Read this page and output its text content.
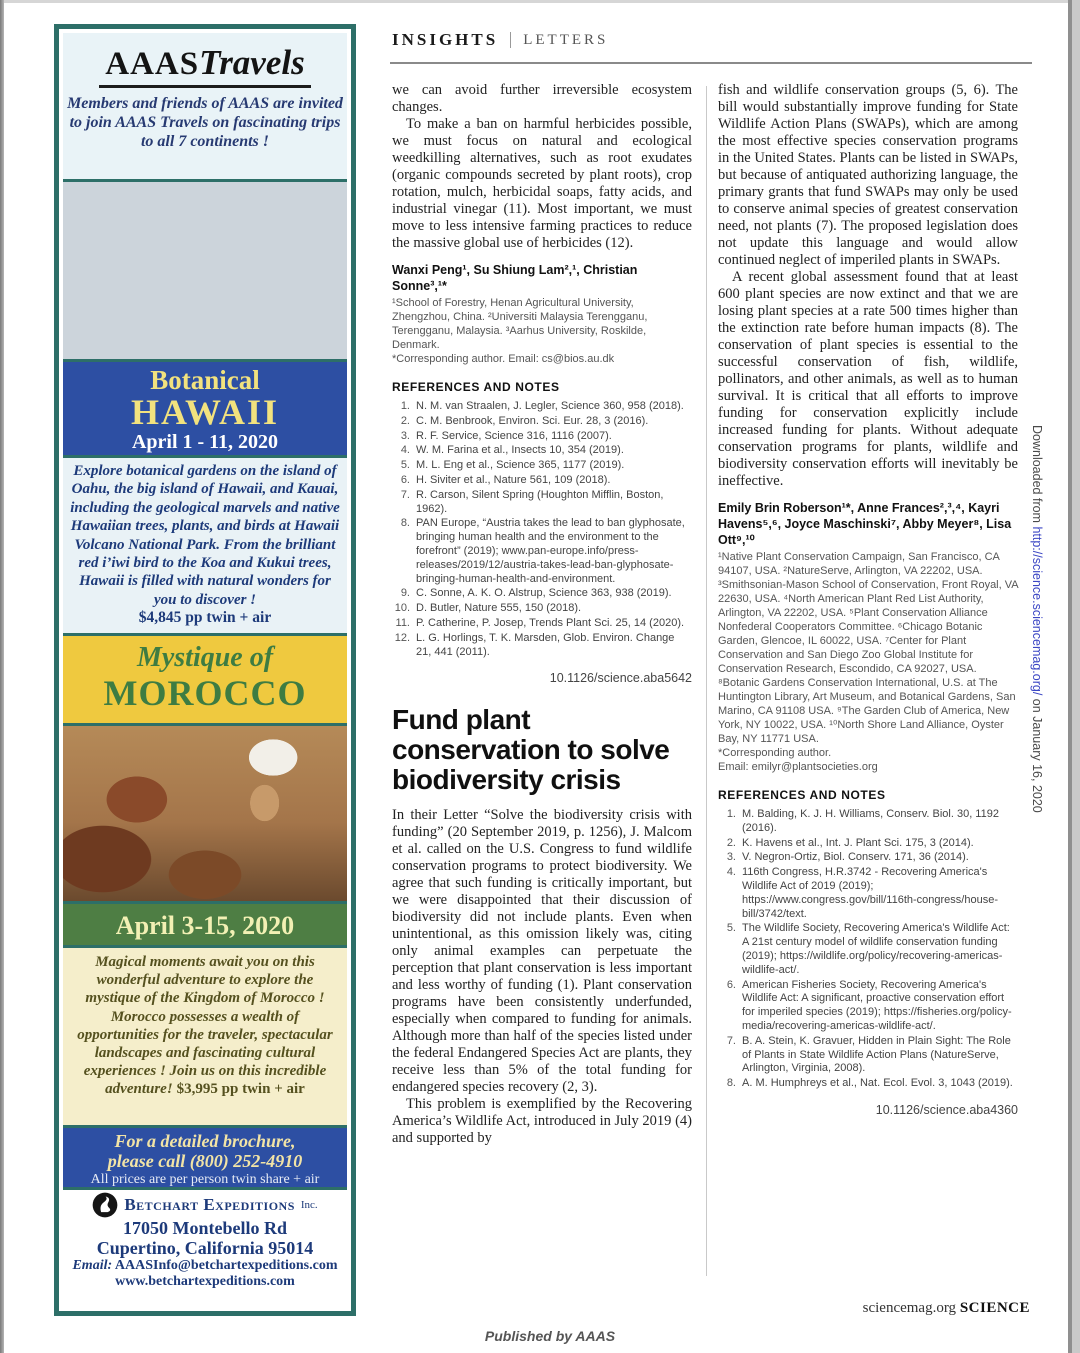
AAASTravels
Members and friends of AAAS are invited to join AAAS Travels on fascinating trips to all 7 continents !
Botanical
HAWAII
April 1 - 11, 2020
Explore botanical gardens on the island of Oahu, the big island of Hawaii, and Kauai, including the geological marvels and native Hawaiian trees, plants, and birds at Hawaii Volcano National Park. From the brilliant red i’iwi bird to the Koa and Kukui trees, Hawaii is filled with natural wonders for you to discover !
$4,845 pp twin + air
Mystique of
MOROCCO
April 3-15, 2020
Magical moments await you on this wonderful adventure to explore the mystique of the Kingdom of Morocco ! Morocco possesses a wealth of opportunities for the traveler, spectacular landscapes and fascinating cultural experiences ! Join us on this incredible adventure! $3,995 pp twin + air
For a detailed brochure,
please call (800) 252-4910
All prices are per person twin share + air
Betchart Expeditions Inc.
17050 Montebello Rd
Cupertino, California 95014
Email: AAASInfo@betchartexpeditions.com
www.betchartexpeditions.com
INSIGHTS LETTERS

we can avoid further irreversible ecosystem changes.

To make a ban on harmful herbicides possible, we must focus on natural and ecological weedkilling alternatives, such as root exudates (organic compounds secreted by plant roots), crop rotation, mulch, herbicidal soaps, fatty acids, and industrial vinegar (11). Most important, we must move to less intensive farming practices to reduce the massive global use of herbicides (12).

Wanxi Peng¹, Su Shiung Lam²,¹, Christian Sonne³,¹*
¹School of Forestry, Henan Agricultural University, Zhengzhou, China. ²Universiti Malaysia Terengganu, Terengganu, Malaysia. ³Aarhus University, Roskilde, Denmark.
*Corresponding author. Email: cs@bios.au.dk
REFERENCES AND NOTES
1. N. M. van Straalen, J. Legler, Science 360, 958 (2018).
2. C. M. Benbrook, Environ. Sci. Eur. 28, 3 (2016).
3. R. F. Service, Science 316, 1116 (2007).
4. W. M. Farina et al., Insects 10, 354 (2019).
5. M. L. Eng et al., Science 365, 1177 (2019).
6. H. Siviter et al., Nature 561, 109 (2018).
7. R. Carson, Silent Spring (Houghton Mifflin, Boston, 1962).
8. PAN Europe, “Austria takes the lead to ban glyphosate, bringing human health and the environment to the forefront” (2019); www.pan-europe.info/press-releases/2019/12/austria-takes-lead-ban-glyphosate-bringing-human-health-and-environment.
9. C. Sonne, A. K. O. Alstrup, Science 363, 938 (2019).
10. D. Butler, Nature 555, 150 (2018).
11. P. Catherine, P. Josep, Trends Plant Sci. 25, 14 (2020).
12. L. G. Horlings, T. K. Marsden, Glob. Environ. Change 21, 441 (2011).
10.1126/science.aba5642
Fund plant conservation to solve biodiversity crisis

In their Letter “Solve the biodiversity crisis with funding” (20 September 2019, p. 1256), J. Malcom et al. called on the U.S. Congress to fund wildlife conservation programs to protect biodiversity. We agree that such funding is critically important, but we were disappointed that their discussion of biodiversity did not include plants. Even when unintentional, as this omission likely was, citing only animal examples can perpetuate the perception that plant conservation is less important and less worthy of funding (1). Plant conservation programs have been consistently underfunded, especially when compared to funding for animals. Although more than half of the species listed under the federal Endangered Species Act are plants, they receive less than 5% of the total funding for endangered species recovery (2, 3).

This problem is exemplified by the Recovering America’s Wildlife Act, introduced in July 2019 (4) and supported by

fish and wildlife conservation groups (5, 6). The bill would substantially improve funding for State Wildlife Action Plans (SWAPs), which are among the most effective species conservation programs in the United States. Plants can be listed in SWAPs, but because of antiquated authorizing language, the primary grants that fund SWAPs may only be used to conserve animal species of greatest conservation need, not plants (7). The proposed legislation does not update this language and would allow continued neglect of imperiled plants in SWAPs.

A recent global assessment found that at least 600 plant species are now extinct and that we are losing plant species at a rate 500 times higher than the extinction rate before human impacts (8). The conservation of plant species is essential to the successful conservation of fish, wildlife, pollinators, and other animals, as well as to human survival. It is critical that all efforts to improve funding for conservation explicitly include increased funding for plants. Without adequate conservation programs for plants, wildlife and biodiversity conservation efforts will inevitably be ineffective.

Emily Brin Roberson¹*, Anne Frances²,³,⁴, Kayri Havens⁵,⁶, Joyce Maschinski⁷, Abby Meyer⁸, Lisa Ott⁹,¹⁰
¹Native Plant Conservation Campaign, San Francisco, CA 94107, USA. ²NatureServe, Arlington, VA 22202, USA. ³Smithsonian-Mason School of Conservation, Front Royal, VA 22630, USA. ⁴North American Plant Red List Authority, Arlington, VA 22202, USA. ⁵Plant Conservation Alliance Nonfederal Cooperators Committee. ⁶Chicago Botanic Garden, Glencoe, IL 60022, USA. ⁷Center for Plant Conservation and San Diego Zoo Global Institute for Conservation Research, Escondido, CA 92027, USA. ⁸Botanic Gardens Conservation International, U.S. at The Huntington Library, Art Museum, and Botanical Gardens, San Marino, CA 91108 USA. ⁹The Garden Club of America, New York, NY 10022, USA. ¹⁰North Shore Land Alliance, Oyster Bay, NY 11771 USA.
*Corresponding author.
Email: emilyr@plantsocieties.org
REFERENCES AND NOTES
1. M. Balding, K. J. H. Williams, Conserv. Biol. 30, 1192 (2016).
2. K. Havens et al., Int. J. Plant Sci. 175, 3 (2014).
3. V. Negron-Ortiz, Biol. Conserv. 171, 36 (2014).
4. 116th Congress, H.R.3742 - Recovering America's Wildlife Act of 2019 (2019); https://www.congress.gov/bill/116th-congress/house-bill/3742/text.
5. The Wildlife Society, Recovering America's Wildlife Act: A 21st century model of wildlife conservation funding (2019); https://wildlife.org/policy/recovering-americas-wildlife-act/.
6. American Fisheries Society, Recovering America's Wildlife Act: A significant, proactive conservation effort for imperiled species (2019); https://fisheries.org/policy-media/recovering-americas-wildlife-act/.
7. B. A. Stein, K. Gravuer, Hidden in Plain Sight: The Role of Plants in State Wildlife Action Plans (NatureServe, Arlington, Virginia, 2008).
8. A. M. Humphreys et al., Nat. Ecol. Evol. 3, 1043 (2019).
10.1126/science.aba4360
sciencemag.org SCIENCE
Published by AAAS
Downloaded from http://science.sciencemag.org/ on January 16, 2020
